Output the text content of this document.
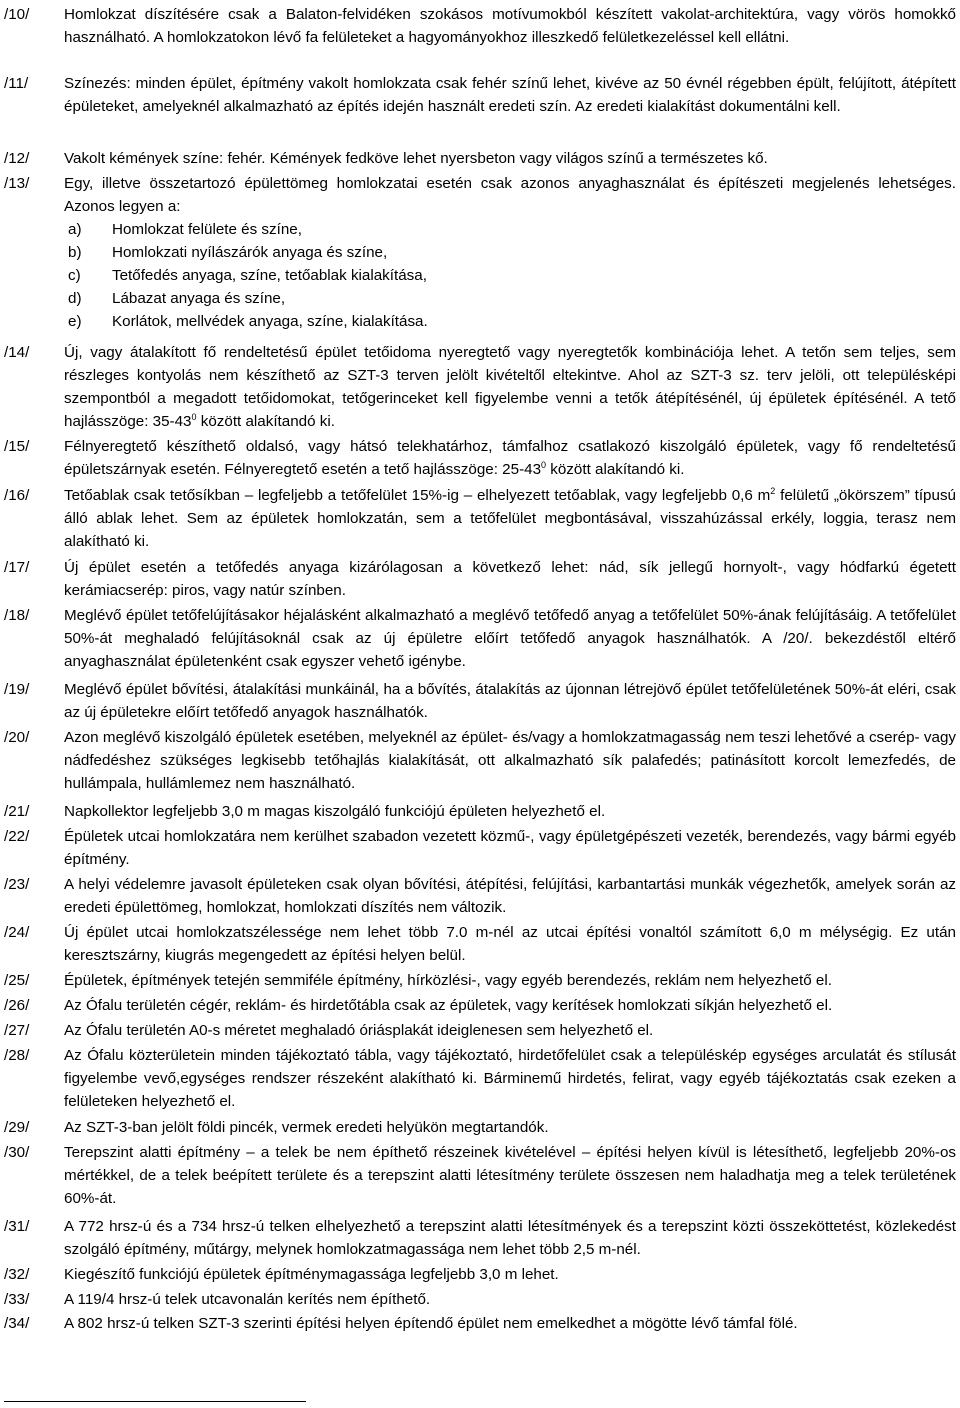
/10/ Homlokzat díszítésére csak a Balaton-felvidéken szokásos motívumokból készített vakolat-architektúra, vagy vörös homokkő használható. A homlokzatokon lévő fa felületeket a hagyományokhoz illeszkedő felületkezeléssel kell ellátni.
/11/ Színezés: minden épület, építmény vakolt homlokzata csak fehér színű lehet, kivéve az 50 évnél régebben épült, felújított, átépített épületeket, amelyeknél alkalmazható az építés idején használt eredeti szín. Az eredeti kialakítást dokumentálni kell.
/12/ Vakolt kémények színe: fehér. Kémények fedköve lehet nyersbeton vagy világos színű a természetes kő.
/13/ Egy, illetve összetartozó épülettömeg homlokzatai esetén csak azonos anyaghasználat és építészeti megjelenés lehetséges. Azonos legyen a:
a) Homlokzat felülete és színe,
b) Homlokzati nyílászárók anyaga és színe,
c) Tetőfedés anyaga, színe, tetőablak kialakítása,
d) Lábazat anyaga és színe,
e) Korlátok, mellvédek anyaga, színe, kialakítása.
/14/ Új, vagy átalakított fő rendeltetésű épület tetőidoma nyeregtető vagy nyeregtetők kombinációja lehet. A tetőn sem teljes, sem részleges kontyolás nem készíthető az SZT-3 terven jelölt kivételtől eltekintve. Ahol az SZT-3 sz. terv jelöli, ott településképi szempontból a megadott tetőidomokat, tetőgerinceket kell figyelembe venni a tetők átépítésénél, új épületek építésénél. A tető hajlásszöge: $35-43^0$ között alakítandó ki.
/15/ Félnyeregtető készíthető oldalsó, vagy hátsó telekhatárhoz, támfalhoz csatlakozó kiszolgáló épületek, vagy fő rendeltetésű épületszárnyak esetén. Félnyeregtető esetén a tető hajlásszöge: $25-43^0$ között alakítandó ki.
/16/ Tetőablak csak tetősíkban – legfeljebb a tetőfelület 15%-ig – elhelyezett tetőablak, vagy legfeljebb 0,6 $m^2$ felületű „ökörszem” típusú álló ablak lehet. Sem az épületek homlokzatán, sem a tetőfelület megbontásával, visszahúzással erkély, loggia, terasz nem alakítható ki.
/17/ Új épület esetén a tetőfedés anyaga kizárólagosan a következő lehet: nád, sík jellegű hornyolt-, vagy hódfarkú égetett kerámiacserép: piros, vagy natúr színben.
/18/ Meglévő épület tetőfelújításakor héjalásként alkalmazható a meglévő tetőfedő anyag a tetőfelület 50%-ának felújításáig. A tetőfelület 50%-át meghaladó felújításoknál csak az új épületre előírt tetőfedő anyagok használhatók. A /20/. bekezdéstől eltérő anyaghasználat épületenként csak egyszer vehető igénybe.
/19/ Meglévő épület bővítési, átalakítási munkáinál, ha a bővítés, átalakítás az újonnan létrejövő épület tetőfelületének 50%-át eléri, csak az új épületekre előírt tetőfedő anyagok használhatók.
/20/ Azon meglévő kiszolgáló épületek esetében, melyeknél az épület- és/vagy a homlokzatmagasság nem teszi lehetővé a cserép- vagy nádfedéshez szükséges legkisebb tetőhajlás kialakítását, ott alkalmazható sík palafedés; patinásított korcolt lemezfedés, de hullámpala, hullámlemez nem használható.
/21/ Napkollektor legfeljebb 3,0 m magas kiszolgáló funkciójú épületen helyezhető el.
/22/ Épületek utcai homlokzatára nem kerülhet szabadon vezetett közmű-, vagy épületgépészeti vezeték, berendezés, vagy bármi egyéb építmény.
/23/ A helyi védelemre javasolt épületeken csak olyan bővítési, átépítési, felújítási, karbantartási munkák végezhetők, amelyek során az eredeti épülettömeg, homlokzat, homlokzati díszítés nem változik.
/24/ Új épület utcai homlokzatszélessége nem lehet több 7.0 m-nél az utcai építési vonaltól számított 6,0 m mélységig. Ez után keresztszárny, kiugrás megengedett az építési helyen belül.
/25/ Épületek, építmények tetején semmiféle építmény, hírközlési-, vagy egyéb berendezés, reklám nem helyezhető el.
/26/ Az Ófalu területén cégér, reklám- és hirdetőtábla csak az épületek, vagy kerítések homlokzati síkján helyezhető el.
/27/ Az Ófalu területén A0-s méretet meghaladó óriásplakát ideiglenesen sem helyezhető el.
/28/ Az Ófalu közterületein minden tájékoztató tábla, vagy tájékoztató, hirdetőfelület csak a településkép egységes arculatát és stílusát figyelembe vevő,egységes rendszer részeként alakítható ki. Bárminemű hirdetés, felirat, vagy egyéb tájékoztatás csak ezeken a felületeken helyezhető el.
/29/ Az SZT-3-ban jelölt földi pincék, vermek eredeti helyükön megtartandók.
/30/ Terepszint alatti építmény – a telek be nem építhető részeinek kivételével – építési helyen kívül is létesíthető, legfeljebb 20%-os mértékkel, de a telek beépített területe és a terepszint alatti létesítmény területe összesen nem haladhatja meg a telek területének 60%-át.
/31/ A 772 hrsz-ú és a 734 hrsz-ú telken elhelyezhető a terepszint alatti létesítmények és a terepszint közti összeköttetést, közlekedést szolgáló építmény, műtárgy, melynek homlokzatmagassága nem lehet több 2,5 m-nél.
/32/ Kiegészítő funkciójú épületek építménymagassága legfeljebb 3,0 m lehet.
/33/ A 119/4 hrsz-ú telek utcavonalán kerítés nem építhető.
/34/ A 802 hrsz-ú telken SZT-3 szerinti építési helyen építendő épület nem emelkedhet a mögötte lévő támfal fölé.
